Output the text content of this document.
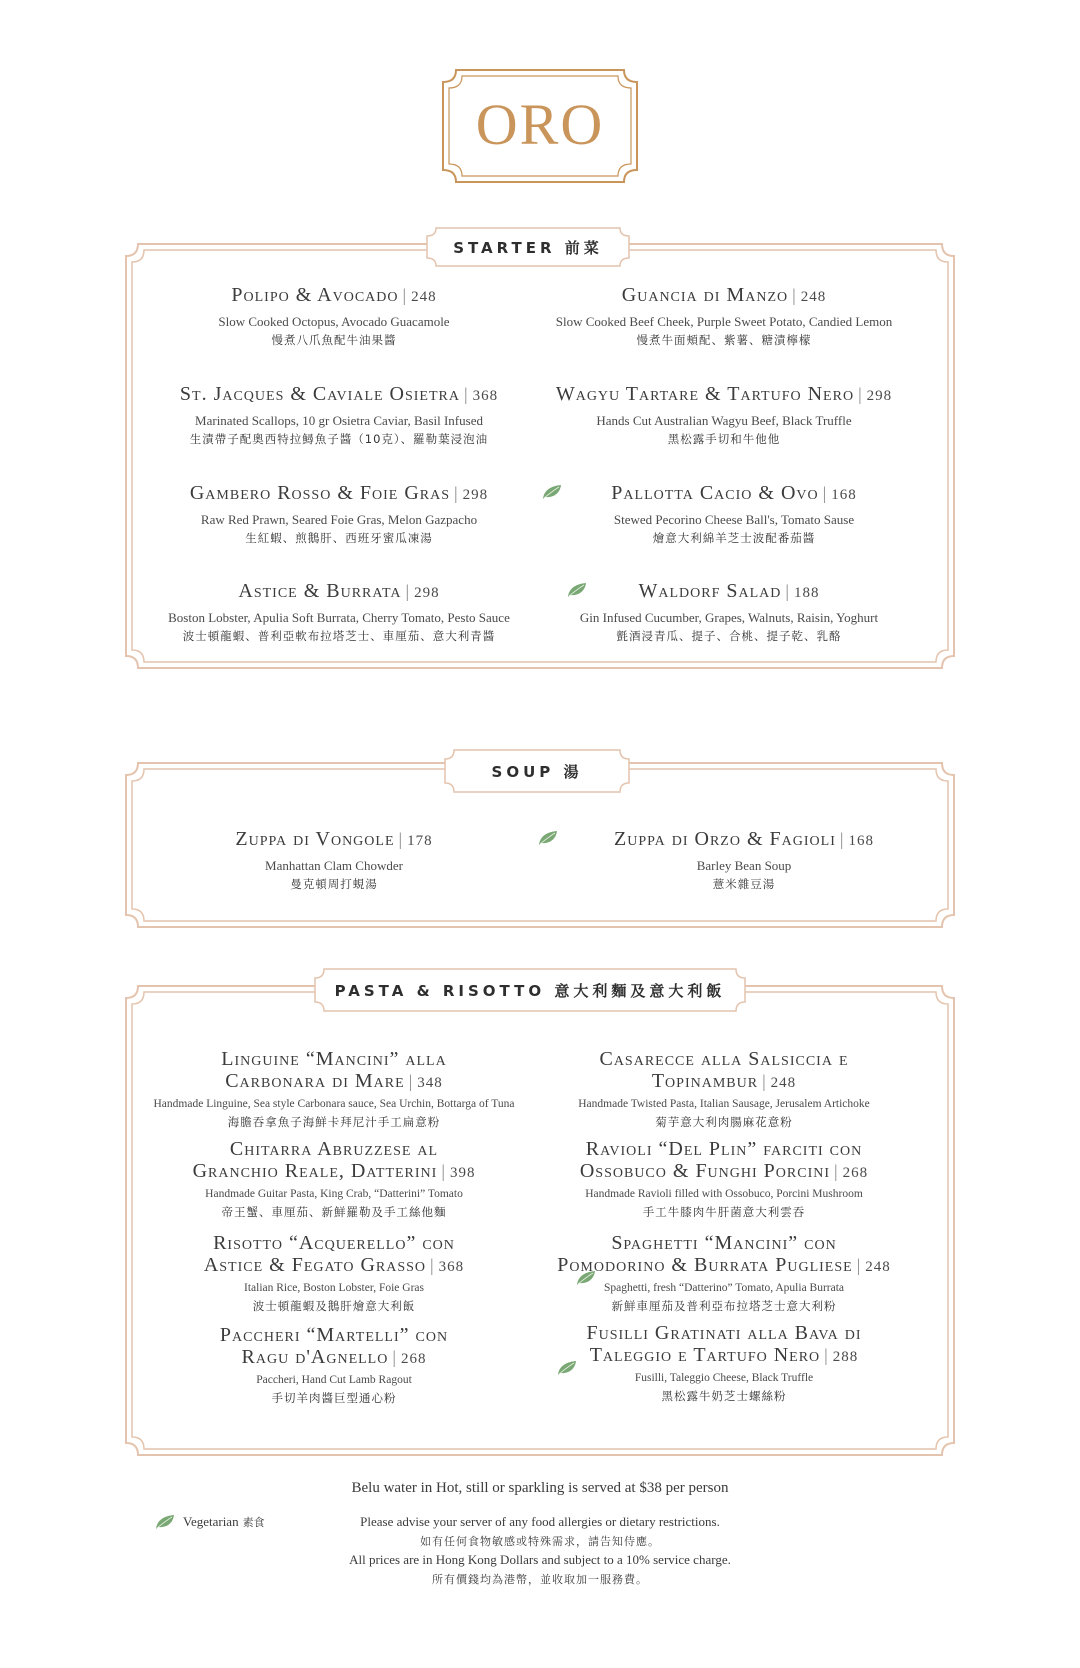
ORO
STARTER 前菜
Polipo & Avocado | 248
Slow Cooked Octopus, Avocado Guacamole
慢煮八爪魚配牛油果醬
Guancia di Manzo | 248
Slow Cooked Beef Cheek, Purple Sweet Potato, Candied Lemon
慢煮牛面頰配、紫薯、糖漬檸檬
St. Jacques & Caviale Osietra | 368
Marinated Scallops, 10 gr Osietra Caviar, Basil Infused
生漬帶子配奧西特拉鱘魚子醬（10克）、羅勒葉浸泡油
Wagyu Tartare & Tartufo Nero | 298
Hands Cut Australian Wagyu Beef, Black Truffle
黑松露手切和牛他他
Gambero Rosso & Foie Gras | 298
Raw Red Prawn, Seared Foie Gras, Melon Gazpacho
生紅蝦、煎鵝肝、西班牙蜜瓜凍湯
Pallotta Cacio & Ovo | 168
Stewed Pecorino Cheese Ball's, Tomato Sause
燴意大利綿羊芝士波配番茄醬
Astice & Burrata | 298
Boston Lobster, Apulia Soft Burrata, Cherry Tomato, Pesto Sauce
波士頓龍蝦、普利亞軟布拉塔芝士、車厘茄、意大利青醬
Waldorf Salad | 188
Gin Infused Cucumber, Grapes, Walnuts, Raisin, Yoghurt
氈酒浸青瓜、提子、合桃、提子乾、乳酪
SOUP 湯
Zuppa di Vongole | 178
Manhattan Clam Chowder
曼克頓周打蜆湯
Zuppa di Orzo & Fagioli | 168
Barley Bean Soup
薏米雜豆湯
PASTA & RISOTTO 意大利麵及意大利飯
Linguine “Mancini” alla
Carbonara di Mare | 348
Handmade Linguine, Sea style Carbonara sauce, Sea Urchin, Bottarga of Tuna
海膽吞拿魚子海鮮卡拜尼汁手工扁意粉
Casarecce alla Salsiccia e
Topinambur | 248
Handmade Twisted Pasta, Italian Sausage, Jerusalem Artichoke
菊芋意大利肉腸麻花意粉
Chitarra Abruzzese al
Granchio Reale, Datterini | 398
Handmade Guitar Pasta, King Crab, “Datterini” Tomato
帝王蟹、車厘茄、新鮮羅勒及手工絲他麵
Ravioli “Del Plin” farciti con
Ossobuco & Funghi Porcini | 268
Handmade Ravioli filled with Ossobuco, Porcini Mushroom
手工牛膝肉牛肝菌意大利雲吞
Risotto “Acquerello” con
Astice & Fegato Grasso | 368
Italian Rice, Boston Lobster, Foie Gras
波士頓龍蝦及鵝肝燴意大利飯
Spaghetti “Mancini” con
Pomodorino & Burrata Pugliese | 248
Spaghetti, fresh “Datterino” Tomato, Apulia Burrata
新鮮車厘茄及普利亞布拉塔芝士意大利粉
Paccheri “Martelli” con
Ragu d'Agnello | 268
Paccheri, Hand Cut Lamb Ragout
手切羊肉醬巨型通心粉
Fusilli Gratinati alla Bava di
Taleggio e Tartufo Nero | 288
Fusilli, Taleggio Cheese, Black Truffle
黑松露牛奶芝士螺絲粉
Belu water in Hot, still or sparkling is served at $38 per person
Vegetarian 素食	Please advise your server of any food allergies or dietary restrictions.
如有任何食物敏感或特殊需求，請告知侍應。
All prices are in Hong Kong Dollars and subject to a 10% service charge.
所有價錢均為港幣，並收取加一服務費。
